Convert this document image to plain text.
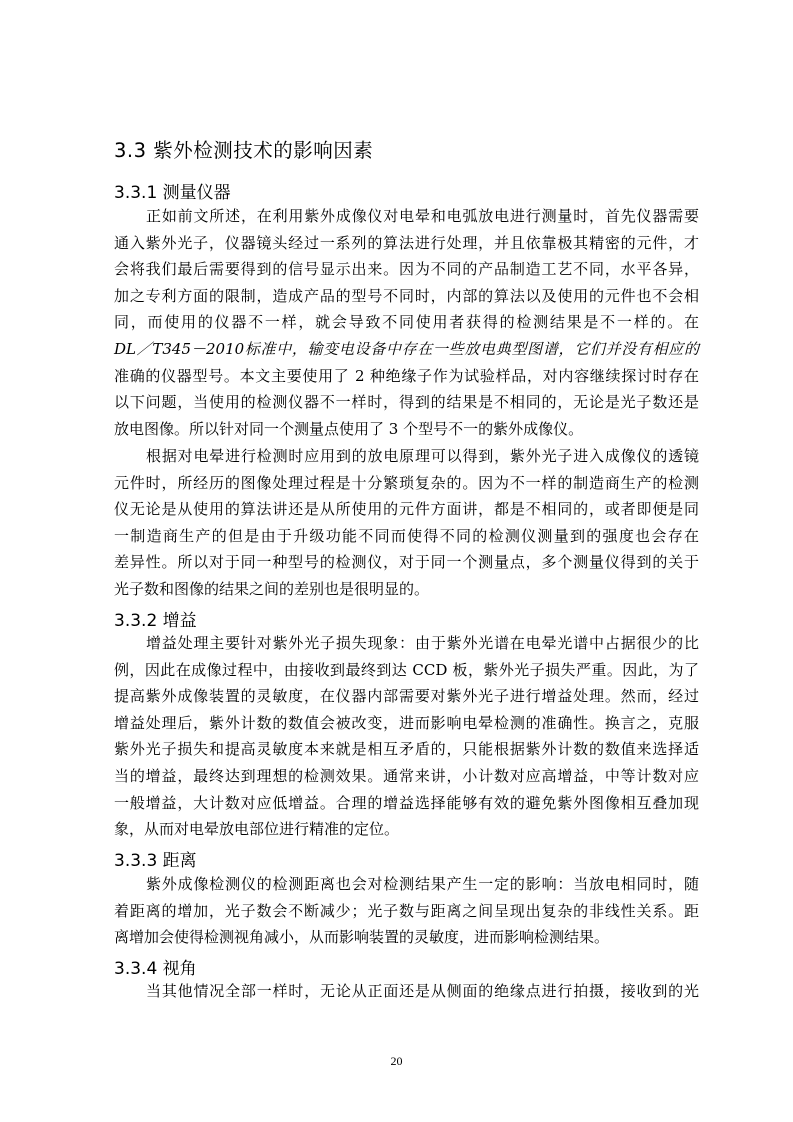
3.3 紫外检测技术的影响因素
3.3.1 测量仪器
正如前文所述，在利用紫外成像仪对电晕和电弧放电进行测量时，首先仪器需要
通入紫外光子，仪器镜头经过一系列的算法进行处理，并且依靠极其精密的元件，才
会将我们最后需要得到的信号显示出来。因为不同的产品制造工艺不同，水平各异，
加之专利方面的限制，造成产品的型号不同时，内部的算法以及使用的元件也不会相
同，而使用的仪器不一样，就会导致不同使用者获得的检测结果是不一样的。在
DL／T345－2010标准中，输变电设备中存在一些放电典型图谱，它们并没有相应的
准确的仪器型号。本文主要使用了 2 种绝缘子作为试验样品，对内容继续探讨时存在
以下问题，当使用的检测仪器不一样时，得到的结果是不相同的，无论是光子数还是
放电图像。所以针对同一个测量点使用了 3 个型号不一的紫外成像仪。
根据对电晕进行检测时应用到的放电原理可以得到，紫外光子进入成像仪的透镜
元件时，所经历的图像处理过程是十分繁琐复杂的。因为不一样的制造商生产的检测
仪无论是从使用的算法讲还是从所使用的元件方面讲，都是不相同的，或者即便是同
一制造商生产的但是由于升级功能不同而使得不同的检测仪测量到的强度也会存在
差异性。所以对于同一种型号的检测仪，对于同一个测量点，多个测量仪得到的关于
光子数和图像的结果之间的差别也是很明显的。
3.3.2 增益
增益处理主要针对紫外光子损失现象：由于紫外光谱在电晕光谱中占据很少的比
例，因此在成像过程中，由接收到最终到达 CCD 板，紫外光子损失严重。因此，为了
提高紫外成像装置的灵敏度，在仪器内部需要对紫外光子进行增益处理。然而，经过
增益处理后，紫外计数的数值会被改变，进而影响电晕检测的准确性。换言之，克服
紫外光子损失和提高灵敏度本来就是相互矛盾的，只能根据紫外计数的数值来选择适
当的增益，最终达到理想的检测效果。通常来讲，小计数对应高增益，中等计数对应
一般增益，大计数对应低增益。合理的增益选择能够有效的避免紫外图像相互叠加现
象，从而对电晕放电部位进行精准的定位。
3.3.3 距离
紫外成像检测仪的检测距离也会对检测结果产生一定的影响：当放电相同时，随
着距离的增加，光子数会不断减少；光子数与距离之间呈现出复杂的非线性关系。距
离增加会使得检测视角减小，从而影响装置的灵敏度，进而影响检测结果。
3.3.4 视角
当其他情况全部一样时，无论从正面还是从侧面的绝缘点进行拍摄，接收到的光
20
